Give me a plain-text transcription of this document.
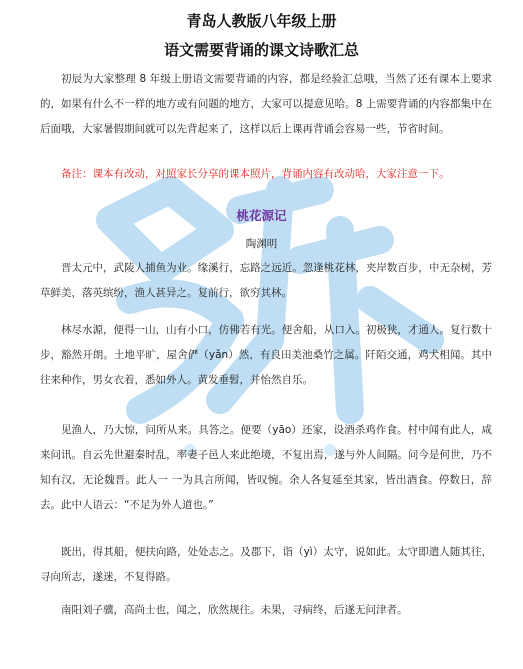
青岛人教版八年级上册
语文需要背诵的课文诗歌汇总

初辰为大家整理 8 年级上册语文需要背诵的内容，都是经验汇总哦，当然了还有课本上要求的，如果有什么不一样的地方或有问题的地方，大家可以提意见哈。8 上需要背诵的内容都集中在后面哦，大家暑假期间就可以先背起来了，这样以后上课再背诵会容易一些，节省时间。

备注：课本有改动，对照家长分享的课本照片，背诵内容有改动哈，大家注意一下。

桃花源记
陶渊明

晋太元中，武陵人捕鱼为业。缘溪行，忘路之远近。忽逢桃花林，夹岸数百步，中无杂树，芳草鲜美，落英缤纷，渔人甚异之。复前行，欲穷其林。

林尽水源，便得一山，山有小口，仿佛若有光。便舍船，从口入。初极狭，才通人。复行数十步，豁然开朗。土地平旷，屋舍俨（yǎn）然，有良田美池桑竹之属。阡陌交通，鸡犬相闻。其中往来种作，男女衣着，悉如外人。黄发垂髫，并怡然自乐。

见渔人，乃大惊，问所从来。具答之。便要（yāo）还家，设酒杀鸡作食。村中闻有此人，咸来问讯。自云先世避秦时乱，率妻子邑人来此绝境，不复出焉，遂与外人间隔。问今是何世，乃不知有汉，无论魏晋。此人一 一为具言所闻，皆叹惋。余人各复延至其家，皆出酒食。停数日，辞去。此中人语云：“不足为外人道也。”

既出，得其船，便扶向路，处处志之。及郡下，诣（yì）太守，说如此。太守即遣人随其往，寻向所志，遂迷，不复得路。

南阳刘子骥，高尚士也，闻之，欣然规往。未果，寻病终，后遂无问津者。
